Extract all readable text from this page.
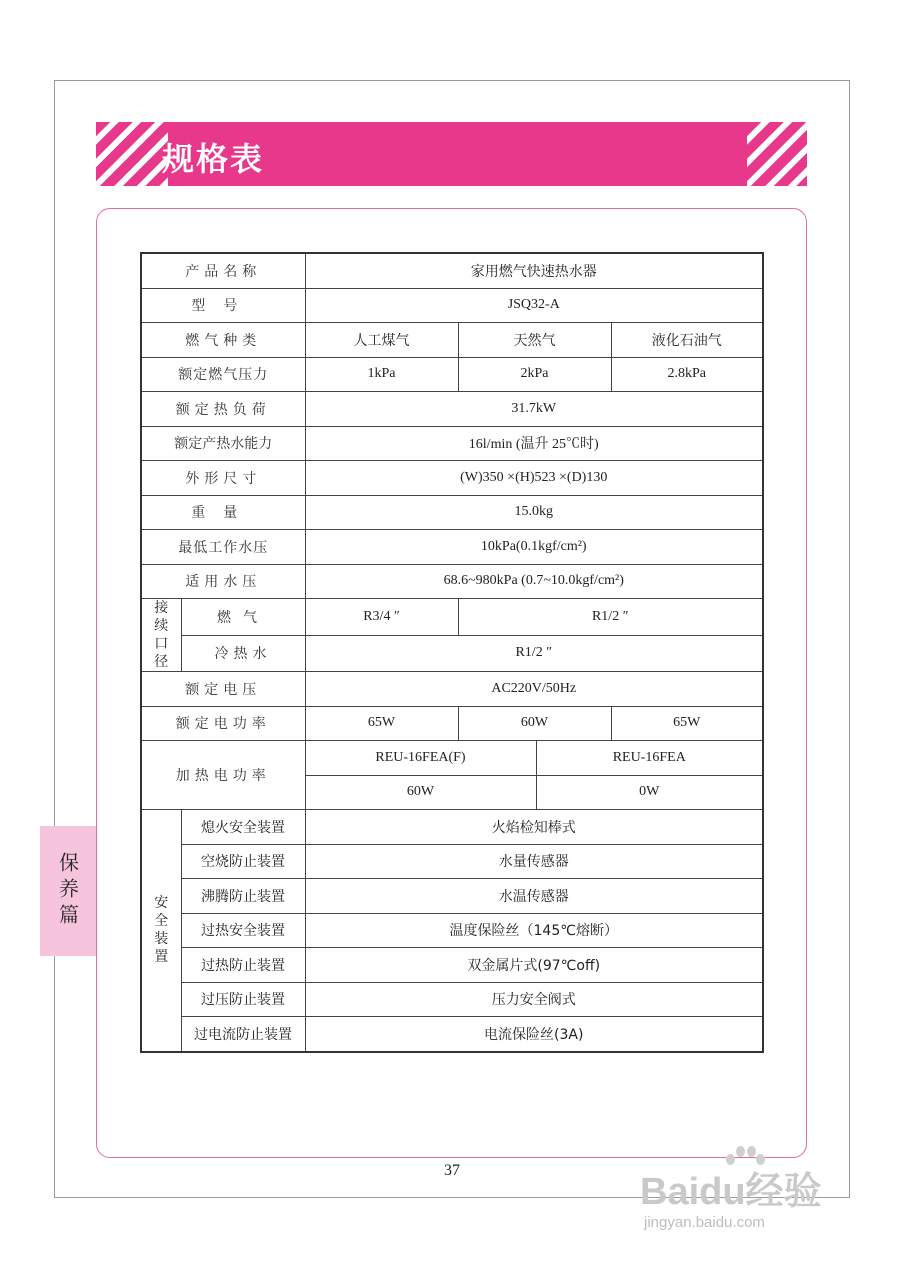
规格表
保养篇
产品名称		家用燃气快速热水器			
型号		JSQ32-A			
燃气种类		人工煤气	天然气		液化石油气
额定燃气压力		1kPa	2kPa		2.8kPa
额定热负荷		31.7kW			
额定产热水能力		16l/min (温升 25℃时)			
外形尺寸		(W)350 ×(H)523 ×(D)130			
重量		15.0kg			
最低工作水压		10kPa(0.1kgf/cm²)			
适用水压		68.6~980kPa (0.7~10.0kgf/cm²)			
接续口径	燃气	R3/4 ″	R1/2 ″		
	冷热水	R1/2 ″			
额定电压		AC220V/50Hz			
额定电功率		65W	60W		65W
加热电功率		REU-16FEA(F)		REU-16FEA	
		60W		0W	
安全装置	熄火安全装置	火焰检知棒式			
	空烧防止装置	水量传感器			
	沸腾防止装置	水温传感器			
	过热安全装置	温度保险丝（145℃熔断）			
	过热防止装置	双金属片式(97℃off)			
	过压防止装置	压力安全阀式			
	过电流防止装置	电流保险丝(3A)			
37
Baidu经验
jingyan.baidu.com
